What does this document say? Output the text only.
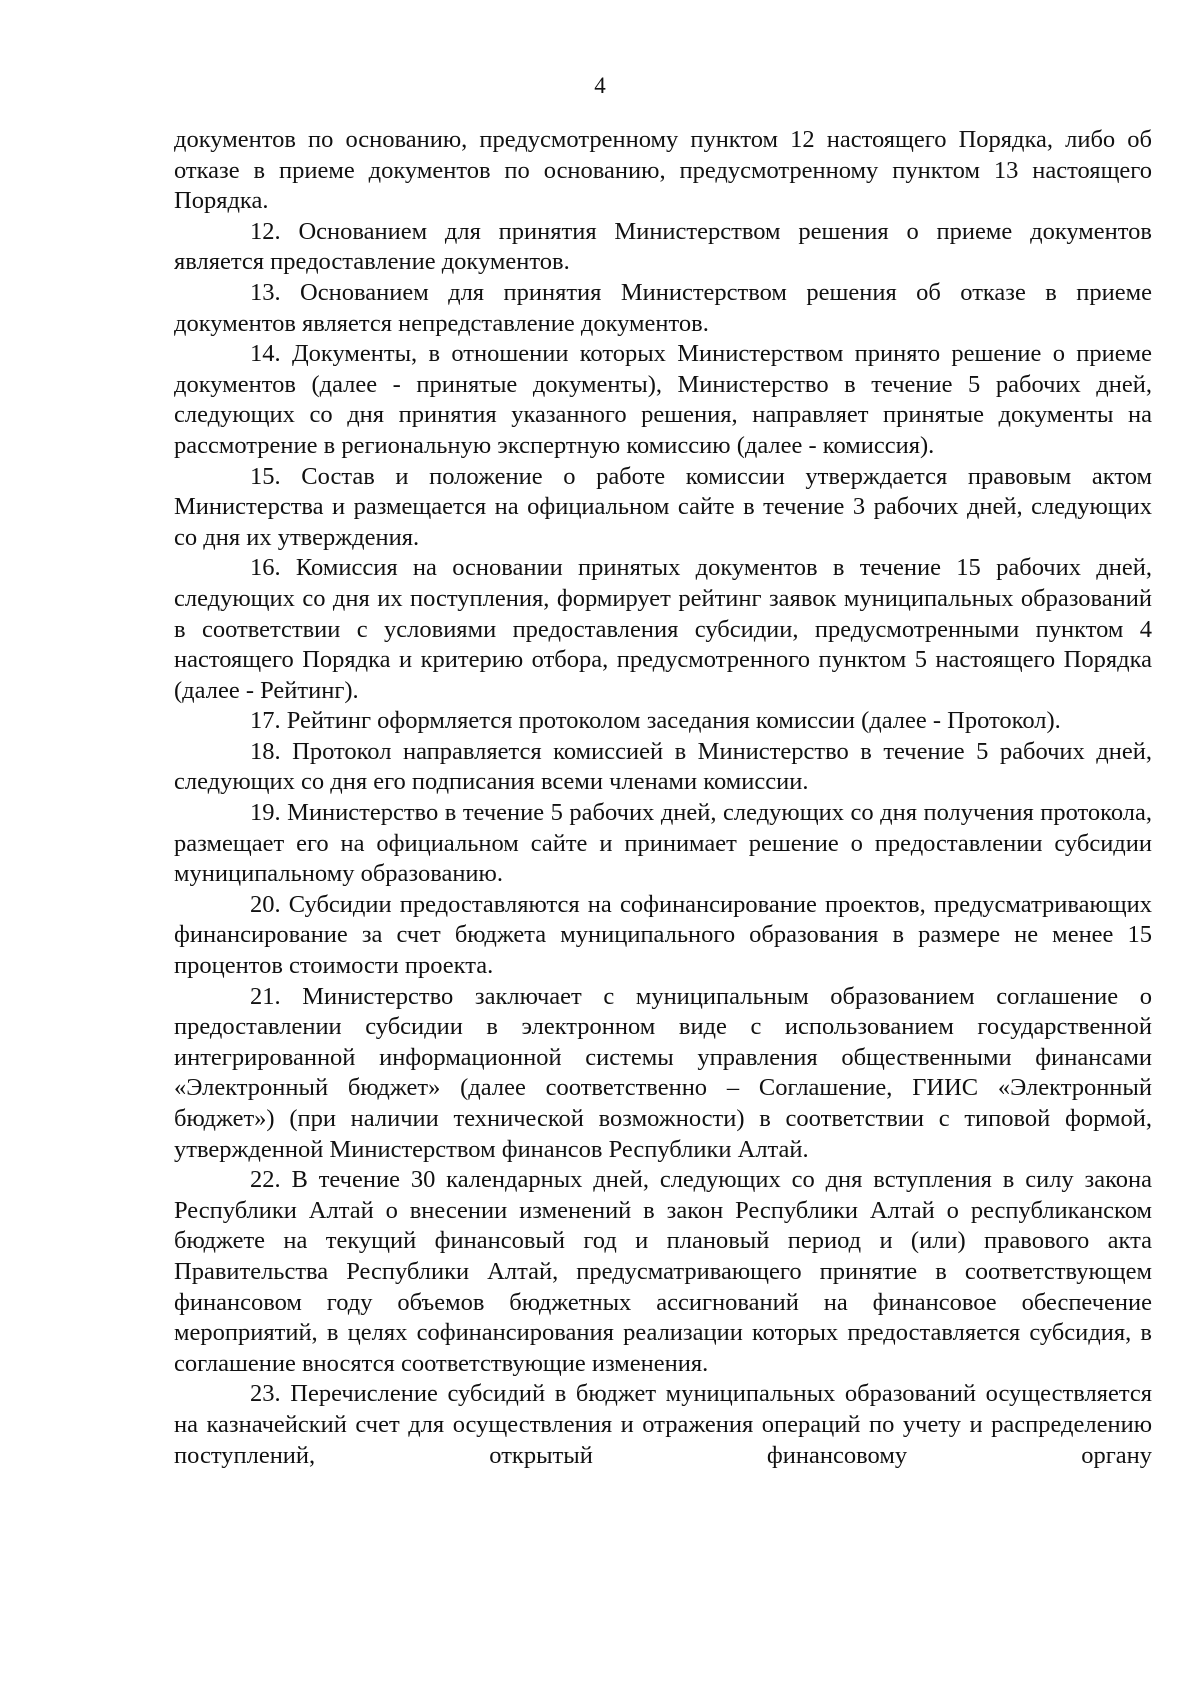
4

документов по основанию, предусмотренному пунктом 12 настоящего Порядка, либо об отказе в приеме документов по основанию, предусмотренному пунктом 13 настоящего Порядка.

12. Основанием для принятия Министерством решения о приеме документов является предоставление документов.

13. Основанием для принятия Министерством решения об отказе в приеме документов является непредставление документов.

14. Документы, в отношении которых Министерством принято решение о приеме документов (далее - принятые документы), Министерство в течение 5 рабочих дней, следующих со дня принятия указанного решения, направляет принятые документы на рассмотрение в региональную экспертную комиссию (далее - комиссия).

15. Состав и положение о работе комиссии утверждается правовым актом Министерства и размещается на официальном сайте в течение 3 рабочих дней, следующих со дня их утверждения.

16. Комиссия на основании принятых документов в течение 15 рабочих дней, следующих со дня их поступления, формирует рейтинг заявок муниципальных образований в соответствии с условиями предоставления субсидии, предусмотренными пунктом 4 настоящего Порядка и критерию отбора, предусмотренного пунктом 5 настоящего Порядка (далее - Рейтинг).

17. Рейтинг оформляется протоколом заседания комиссии (далее - Протокол).

18. Протокол направляется комиссией в Министерство в течение 5 рабочих дней, следующих со дня его подписания всеми членами комиссии.

19. Министерство в течение 5 рабочих дней, следующих со дня получения протокола, размещает его на официальном сайте и принимает решение о предоставлении субсидии муниципальному образованию.

20. Субсидии предоставляются на софинансирование проектов, предусматривающих финансирование за счет бюджета муниципального образования в размере не менее 15 процентов стоимости проекта.

21. Министерство заключает с муниципальным образованием соглашение о предоставлении субсидии в электронном виде с использованием государственной интегрированной информационной системы управления общественными финансами «Электронный бюджет» (далее соответственно – Соглашение, ГИИС «Электронный бюджет») (при наличии технической возможности) в соответствии с типовой формой, утвержденной Министерством финансов Республики Алтай.

22. В течение 30 календарных дней, следующих со дня вступления в силу закона Республики Алтай о внесении изменений в закон Республики Алтай о республиканском бюджете на текущий финансовый год и плановый период и (или) правового акта Правительства Республики Алтай, предусматривающего принятие в соответствующем финансовом году объемов бюджетных ассигнований на финансовое обеспечение мероприятий, в целях софинансирования реализации которых предоставляется субсидия, в соглашение вносятся соответствующие изменения.

23. Перечисление субсидий в бюджет муниципальных образований осуществляется на казначейский счет для осуществления и отражения операций по учету и распределению поступлений, открытый финансовому органу
